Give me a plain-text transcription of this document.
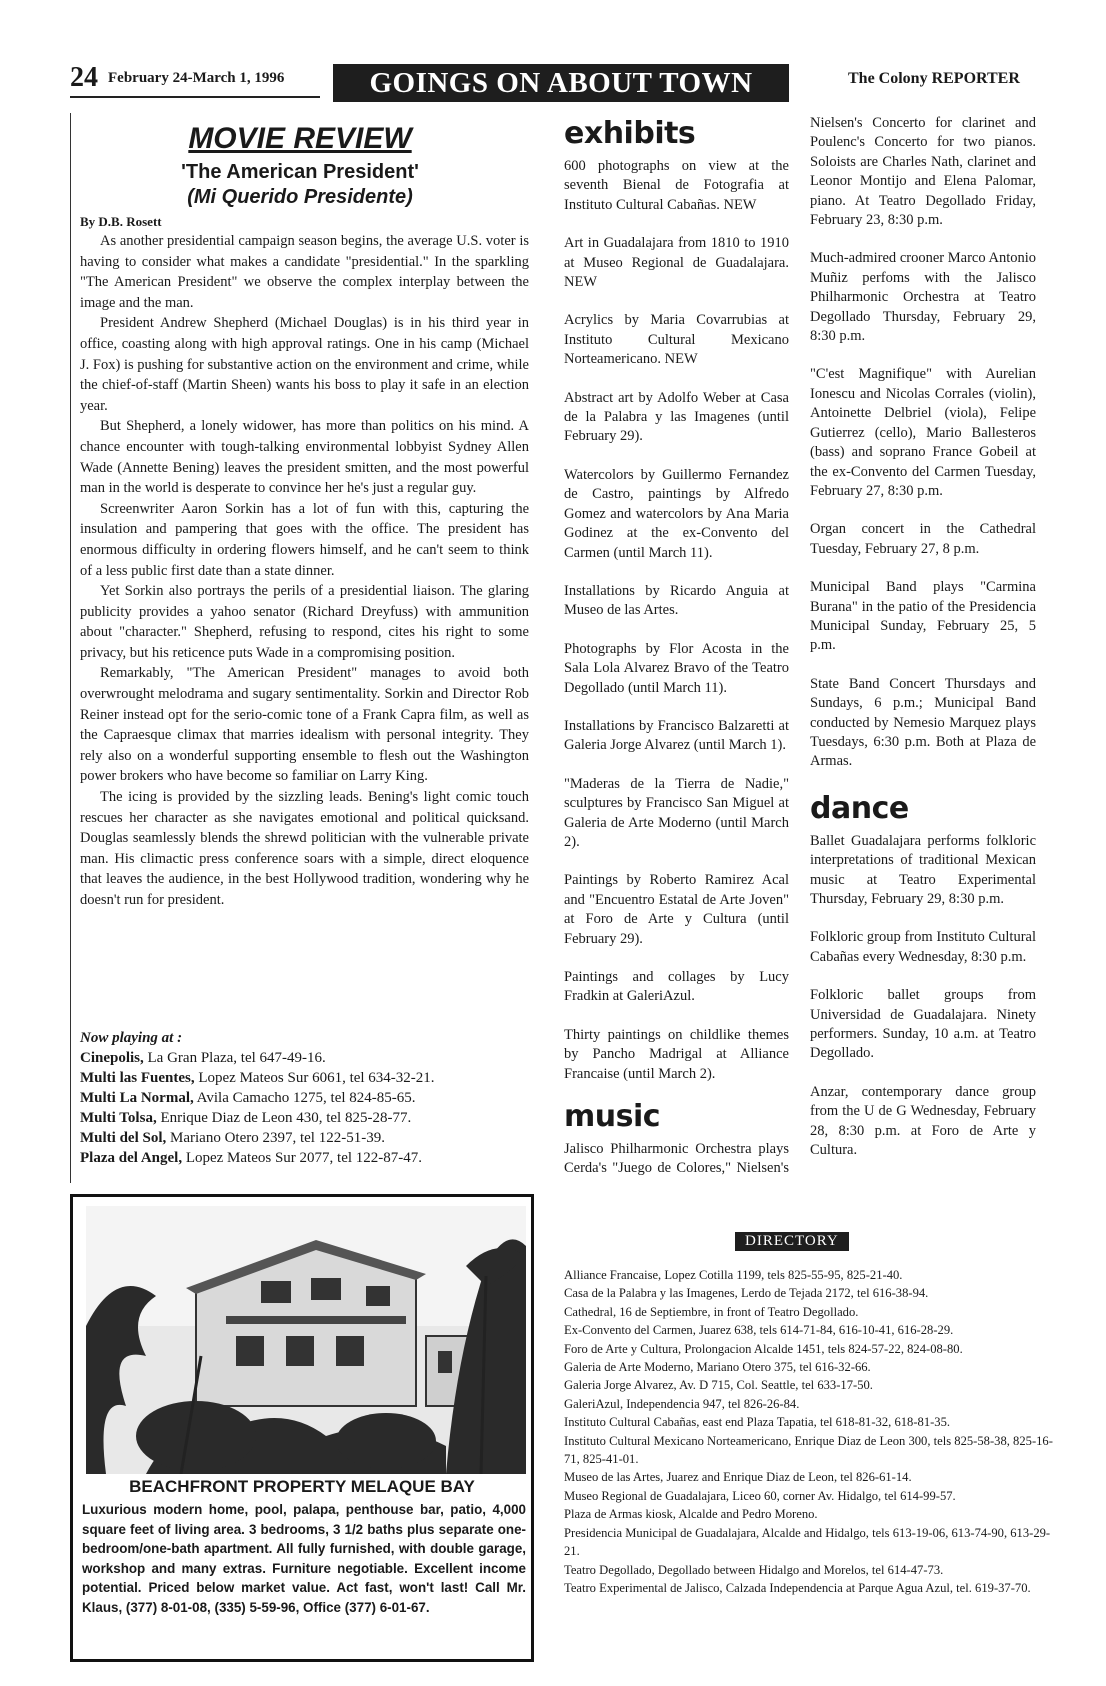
24 February 24-March 1, 1996	GOINGS ON ABOUT TOWN	The Colony REPORTER
MOVIE REVIEW
'The American President'
(Mi Querido Presidente)
By D.B. Rosett

As another presidential campaign season begins, the average U.S. voter is having to consider what makes a candidate "presidential." In the sparkling "The American President" we observe the complex interplay between the image and the man.

President Andrew Shepherd (Michael Douglas) is in his third year in office, coasting along with high approval ratings. One in his camp (Michael J. Fox) is pushing for substantive action on the environment and crime, while the chief-of-staff (Martin Sheen) wants his boss to play it safe in an election year.

But Shepherd, a lonely widower, has more than politics on his mind. A chance encounter with tough-talking environmental lobbyist Sydney Allen Wade (Annette Bening) leaves the president smitten, and the most powerful man in the world is desperate to convince her he's just a regular guy.

Screenwriter Aaron Sorkin has a lot of fun with this, capturing the insulation and pampering that goes with the office. The president has enormous difficulty in ordering flowers himself, and he can't seem to think of a less public first date than a state dinner.

Yet Sorkin also portrays the perils of a presidential liaison. The glaring publicity provides a yahoo senator (Richard Dreyfuss) with ammunition about "character." Shepherd, refusing to respond, cites his right to some privacy, but his reticence puts Wade in a compromising position.

Remarkably, "The American President" manages to avoid both overwrought melodrama and sugary sentimentality. Sorkin and Director Rob Reiner instead opt for the serio-comic tone of a Frank Capra film, as well as the Capraesque climax that marries idealism with personal integrity. They rely also on a wonderful supporting ensemble to flesh out the Washington power brokers who have become so familiar on Larry King.

The icing is provided by the sizzling leads. Bening's light comic touch rescues her character as she navigates emotional and political quicksand. Douglas seamlessly blends the shrewd politician with the vulnerable private man. His climactic press conference soars with a simple, direct eloquence that leaves the audience, in the best Hollywood tradition, wondering why he doesn't run for president.

Now playing at :
Cinepolis, La Gran Plaza, tel 647-49-16.
Multi las Fuentes, Lopez Mateos Sur 6061, tel 634-32-21.
Multi La Normal, Avila Camacho 1275, tel 824-85-65.
Multi Tolsa, Enrique Diaz de Leon 430, tel 825-28-77.
Multi del Sol, Mariano Otero 2397, tel 122-51-39.
Plaza del Angel, Lopez Mateos Sur 2077, tel 122-87-47.
BEACHFRONT PROPERTY MELAQUE BAY
Luxurious modern home, pool, palapa, penthouse bar, patio, 4,000 square feet of living area. 3 bedrooms, 3 1/2 baths plus separate one-bedroom/one-bath apartment. All fully furnished, with double garage, workshop and many extras. Furniture negotiable. Excellent income potential. Priced below market value. Act fast, won't last! Call Mr. Klaus, (377) 8-01-08, (335) 5-59-96, Office (377) 6-01-67.
exhibits

600 photographs on view at the seventh Bienal de Fotografia at Instituto Cultural Cabañas. NEW

Art in Guadalajara from 1810 to 1910 at Museo Regional de Guadalajara. NEW

Acrylics by Maria Covarrubias at Instituto Cultural Mexicano Norteamericano. NEW

Abstract art by Adolfo Weber at Casa de la Palabra y las Imagenes (until February 29).

Watercolors by Guillermo Fernandez de Castro, paintings by Alfredo Gomez and watercolors by Ana Maria Godinez at the ex-Convento del Carmen (until March 11).

Installations by Ricardo Anguia at Museo de las Artes.

Photographs by Flor Acosta in the Sala Lola Alvarez Bravo of the Teatro Degollado (until March 11).

Installations by Francisco Balzaretti at Galeria Jorge Alvarez (until March 1).

"Maderas de la Tierra de Nadie," sculptures by Francisco San Miguel at Galeria de Arte Moderno (until March 2).

Paintings by Roberto Ramirez Acal and "Encuentro Estatal de Arte Joven" at Foro de Arte y Cultura (until February 29).

Paintings and collages by Lucy Fradkin at GaleriAzul.

Thirty paintings on childlike themes by Pancho Madrigal at Alliance Francaise (until March 2).

music

Jalisco Philharmonic Orchestra plays Cerda's "Juego de Colores," Nielsen's

Nielsen's Concerto for clarinet and Poulenc's Concerto for two pianos. Soloists are Charles Nath, clarinet and Leonor Montijo and Elena Palomar, piano. At Teatro Degollado Friday, February 23, 8:30 p.m.

Much-admired crooner Marco Antonio Muñiz perfoms with the Jalisco Philharmonic Orchestra at Teatro Degollado Thursday, February 29, 8:30 p.m.

"C'est Magnifique" with Aurelian Ionescu and Nicolas Corrales (violin), Antoinette Delbriel (viola), Felipe Gutierrez (cello), Mario Ballesteros (bass) and soprano France Gobeil at the ex-Convento del Carmen Tuesday, February 27, 8:30 p.m.

Organ concert in the Cathedral Tuesday, February 27, 8 p.m.

Municipal Band plays "Carmina Burana" in the patio of the Presidencia Municipal Sunday, February 25, 5 p.m.

State Band Concert Thursdays and Sundays, 6 p.m.; Municipal Band conducted by Nemesio Marquez plays Tuesdays, 6:30 p.m. Both at Plaza de Armas.

dance

Ballet Guadalajara performs folkloric interpretations of traditional Mexican music at Teatro Experimental Thursday, February 29, 8:30 p.m.

Folkloric group from Instituto Cultural Cabañas every Wednesday, 8:30 p.m.

Folkloric ballet groups from Universidad de Guadalajara. Ninety performers. Sunday, 10 a.m. at Teatro Degollado.

Anzar, contemporary dance group from the U de G Wednesday, February 28, 8:30 p.m. at Foro de Arte y Cultura.

DIRECTORY
Alliance Francaise, Lopez Cotilla 1199, tels 825-55-95, 825-21-40.
Casa de la Palabra y las Imagenes, Lerdo de Tejada 2172, tel 616-38-94.
Cathedral, 16 de Septiembre, in front of Teatro Degollado.
Ex-Convento del Carmen, Juarez 638, tels 614-71-84, 616-10-41, 616-28-29.
Foro de Arte y Cultura, Prolongacion Alcalde 1451, tels 824-57-22, 824-08-80.
Galeria de Arte Moderno, Mariano Otero 375, tel 616-32-66.
Galeria Jorge Alvarez, Av. D 715, Col. Seattle, tel 633-17-50.
GaleriAzul, Independencia 947, tel 826-26-84.
Instituto Cultural Cabañas, east end Plaza Tapatia, tel 618-81-32, 618-81-35.
Instituto Cultural Mexicano Norteamericano, Enrique Diaz de Leon 300, tels 825-58-38, 825-16-71, 825-41-01.
Museo de las Artes, Juarez and Enrique Diaz de Leon, tel 826-61-14.
Museo Regional de Guadalajara, Liceo 60, corner Av. Hidalgo, tel 614-99-57.
Plaza de Armas kiosk, Alcalde and Pedro Moreno.
Presidencia Municipal de Guadalajara, Alcalde and Hidalgo, tels 613-19-06, 613-74-90, 613-29-21.
Teatro Degollado, Degollado between Hidalgo and Morelos, tel 614-47-73.
Teatro Experimental de Jalisco, Calzada Independencia at Parque Agua Azul, tel. 619-37-70.
